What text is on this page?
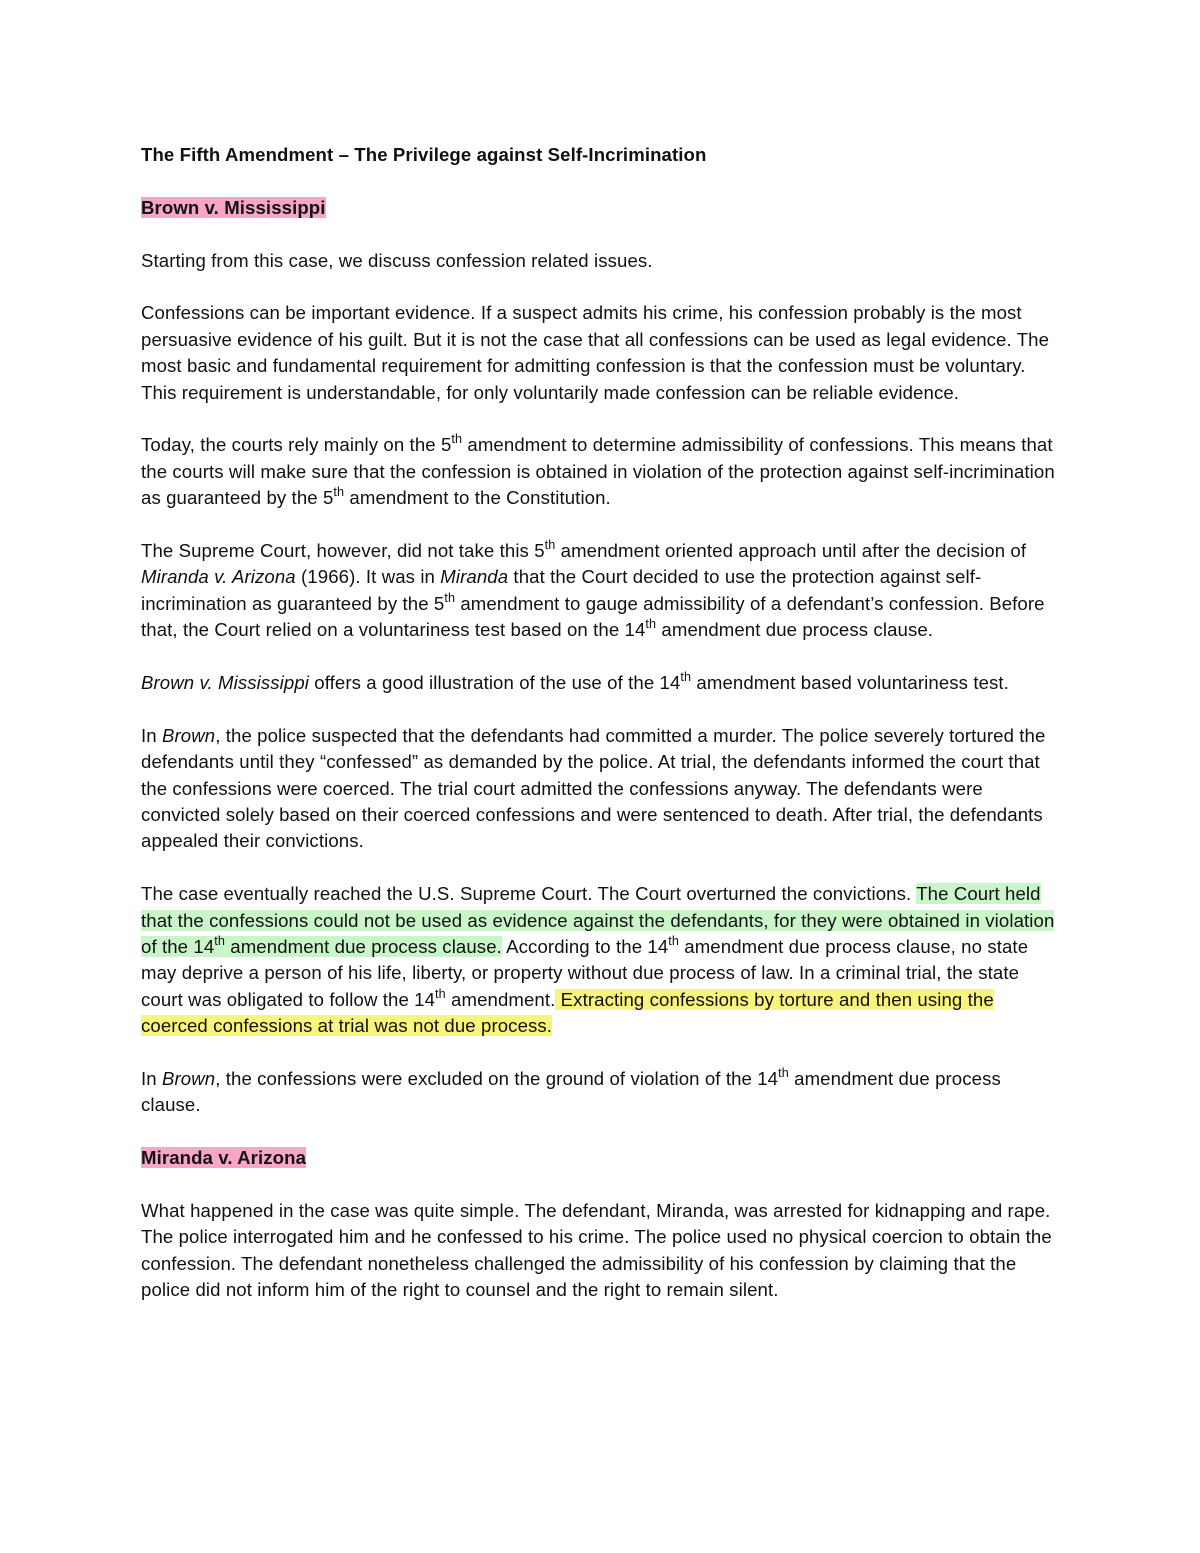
The Fifth Amendment – The Privilege against Self-Incrimination

Brown v. Mississippi

Starting from this case, we discuss confession related issues.

Confessions can be important evidence. If a suspect admits his crime, his confession probably is the most persuasive evidence of his guilt. But it is not the case that all confessions can be used as legal evidence. The most basic and fundamental requirement for admitting confession is that the confession must be voluntary. This requirement is understandable, for only voluntarily made confession can be reliable evidence.

Today, the courts rely mainly on the 5th amendment to determine admissibility of confessions. This means that the courts will make sure that the confession is obtained in violation of the protection against self-incrimination as guaranteed by the 5th amendment to the Constitution.

The Supreme Court, however, did not take this 5th amendment oriented approach until after the decision of Miranda v. Arizona (1966). It was in Miranda that the Court decided to use the protection against self-incrimination as guaranteed by the 5th amendment to gauge admissibility of a defendant’s confession. Before that, the Court relied on a voluntariness test based on the 14th amendment due process clause.

Brown v. Mississippi offers a good illustration of the use of the 14th amendment based voluntariness test.

In Brown, the police suspected that the defendants had committed a murder. The police severely tortured the defendants until they “confessed” as demanded by the police. At trial, the defendants informed the court that the confessions were coerced. The trial court admitted the confessions anyway. The defendants were convicted solely based on their coerced confessions and were sentenced to death. After trial, the defendants appealed their convictions.

The case eventually reached the U.S. Supreme Court. The Court overturned the convictions. The Court held that the confessions could not be used as evidence against the defendants, for they were obtained in violation of the 14th amendment due process clause. According to the 14th amendment due process clause, no state may deprive a person of his life, liberty, or property without due process of law. In a criminal trial, the state court was obligated to follow the 14th amendment. Extracting confessions by torture and then using the coerced confessions at trial was not due process.

In Brown, the confessions were excluded on the ground of violation of the 14th amendment due process clause.

Miranda v. Arizona

What happened in the case was quite simple. The defendant, Miranda, was arrested for kidnapping and rape. The police interrogated him and he confessed to his crime. The police used no physical coercion to obtain the confession. The defendant nonetheless challenged the admissibility of his confession by claiming that the police did not inform him of the right to counsel and the right to remain silent.
